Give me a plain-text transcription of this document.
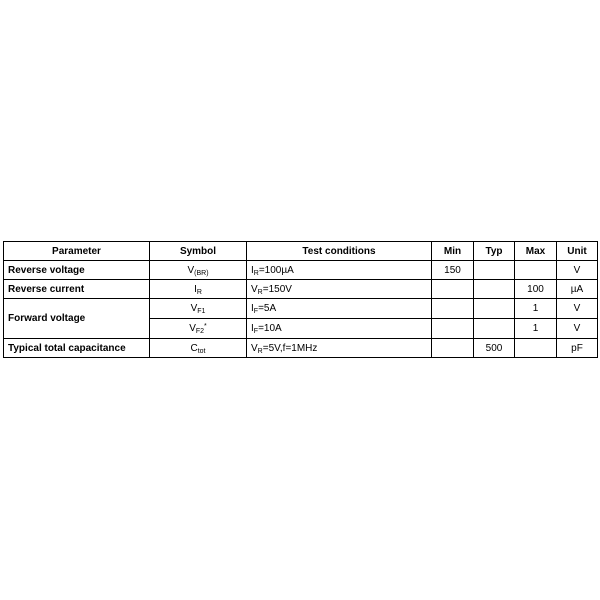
Parameter	Symbol	Test conditions	Min	Typ	Max	Unit
Reverse voltage	$V_{(BR)}$	$I_R=100\mu A$	150			V
Reverse current	$I_R$	$V_R=150V$			100	µA
Forward voltage	$V_{F1}$	$I_F=5A$			1	V
	$V_{F2}^*$	$I_F=10A$			1	V
Typical total capacitance	$C_{tot}$	$V_R=5V,f=1MHz$		500		pF
